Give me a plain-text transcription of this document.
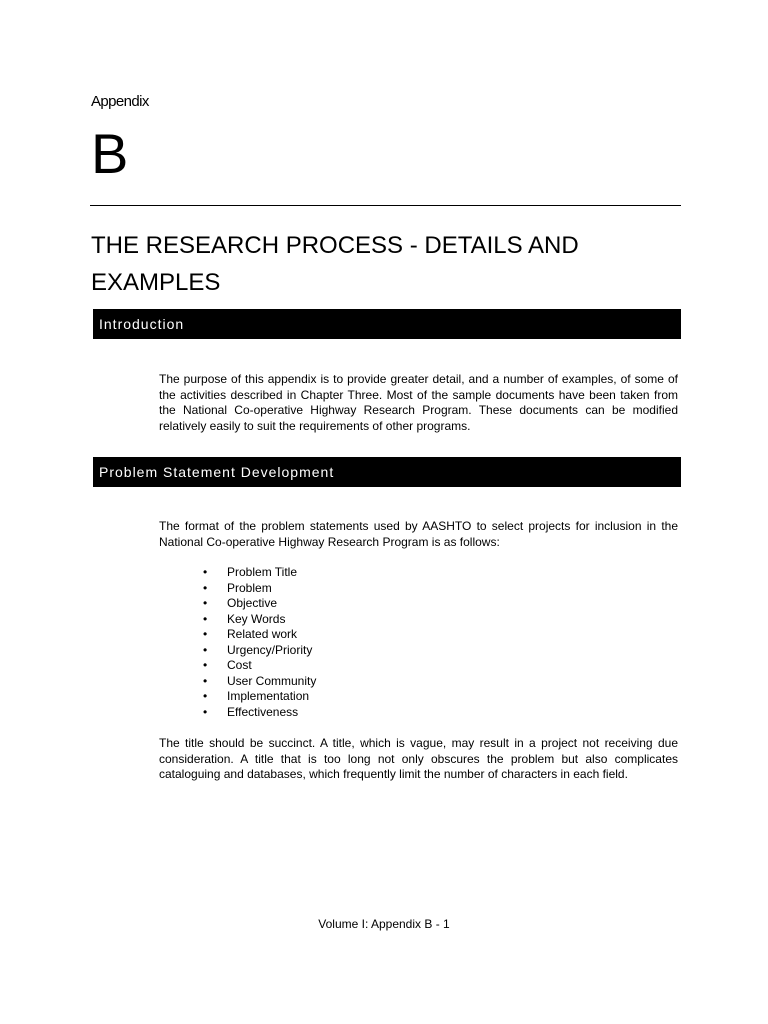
Appendix
B
THE RESEARCH PROCESS - DETAILS AND EXAMPLES
Introduction

The purpose of this appendix is to provide greater detail, and a number of examples, of some of the activities described in Chapter Three. Most of the sample documents have been taken from the National Co-operative Highway Research Program. These documents can be modified relatively easily to suit the requirements of other programs.

Problem Statement Development

The format of the problem statements used by AASHTO to select projects for inclusion in the National Co-operative Highway Research Program is as follows:

• Problem Title
• Problem
• Objective
• Key Words
• Related work
• Urgency/Priority
• Cost
• User Community
• Implementation
• Effectiveness

The title should be succinct. A title, which is vague, may result in a project not receiving due consideration. A title that is too long not only obscures the problem but also complicates cataloguing and databases, which frequently limit the number of characters in each field.

Volume I: Appendix B - 1
